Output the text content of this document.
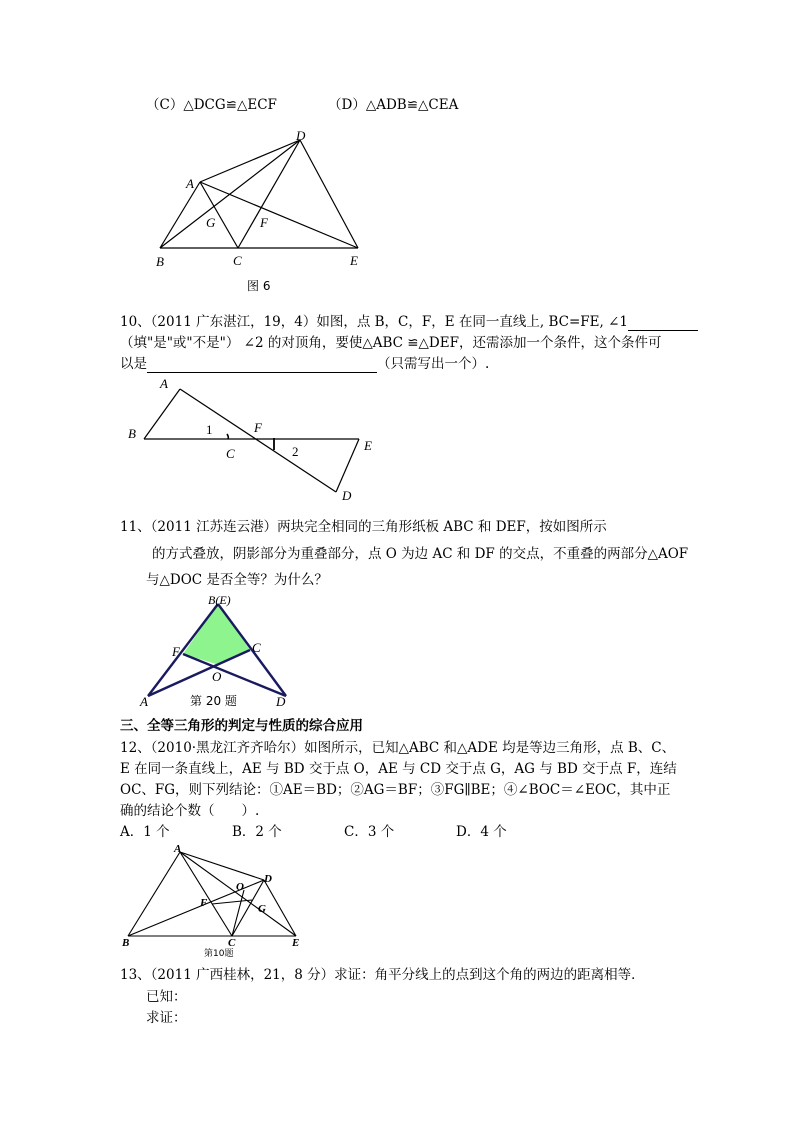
（C）△DCG≌△ECF	（D）△ADB≌△CEA
A
D
G	F
B	C	E
图 6
10、（2011 广东湛江，19，4）如图，点 B，C，F，E 在同一直线上, BC=FE, ∠1
（填"是"或"不是"） ∠2 的对顶角，要使△ABC ≌△DEF，还需添加一个条件，这个条件可
以是	（只需写出一个）.
A
B	1
C
F
2	E
D
11、（2011 江苏连云港）两块完全相同的三角形纸板 ABC 和 DEF，按如图所示
的方式叠放，阴影部分为重叠部分，点 O 为边 AC 和 DF 的交点，不重叠的两部分△AOF
与△DOC 是否全等？为什么？
B(E)
F	C
O
A	D
第 20 题
三、全等三角形的判定与性质的综合应用
12、（2010·黑龙江齐齐哈尔）如图所示，已知△ABC 和△ADE 均是等边三角形，点 B、C、
E 在同一条直线上，AE 与 BD 交于点 O，AE 与 CD 交于点 G，AG 与 BD 交于点 F，连结
OC、FG，则下列结论：①AE＝BD；②AG＝BF；③FG∥BE；④∠BOC＝∠EOC，其中正
确的结论个数（　　）.
A．1 个	B．2 个	C．3 个	D．4 个
A
O
D
F	G
B	C	E
第10题
13、（2011 广西桂林，21，8 分）求证：角平分线上的点到这个角的两边的距离相等．
已知：
求证：
